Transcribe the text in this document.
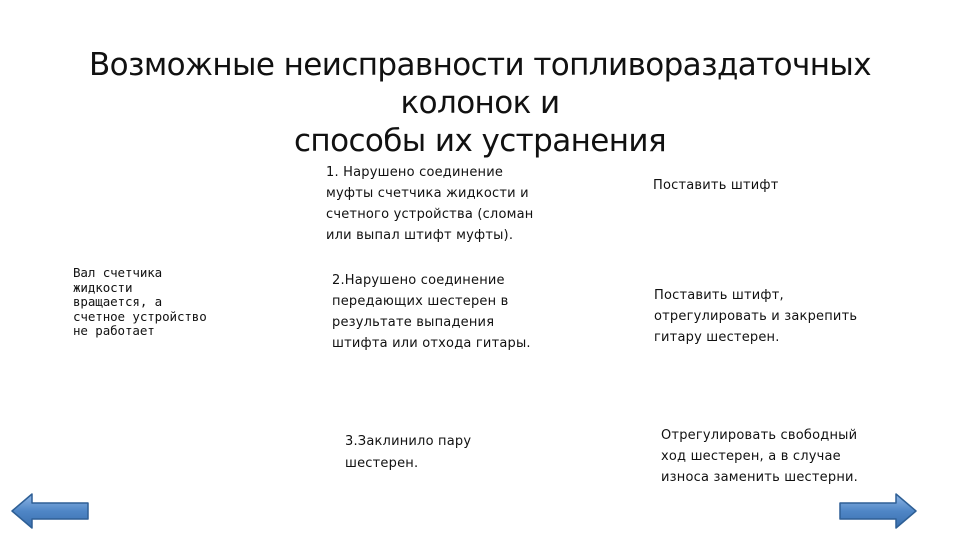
Возможные неисправности топливораздаточных колонок и
способы их устранения
Вал счетчика
жидкости
вращается, а
счетное устройство
не работает
1. Нарушено соединение
муфты счетчика жидкости и
счетного устройства (сломан
или выпал штифт муфты).
Поставить штифт
2.Нарушено соединение
передающих шестерен в
результате выпадения
штифта или отхода гитары.
Поставить штифт,
отрегулировать и закрепить
гитару шестерен.
3.Заклинило пару
шестерен.
Отрегулировать свободный
ход шестерен, а в случае
износа заменить шестерни.
